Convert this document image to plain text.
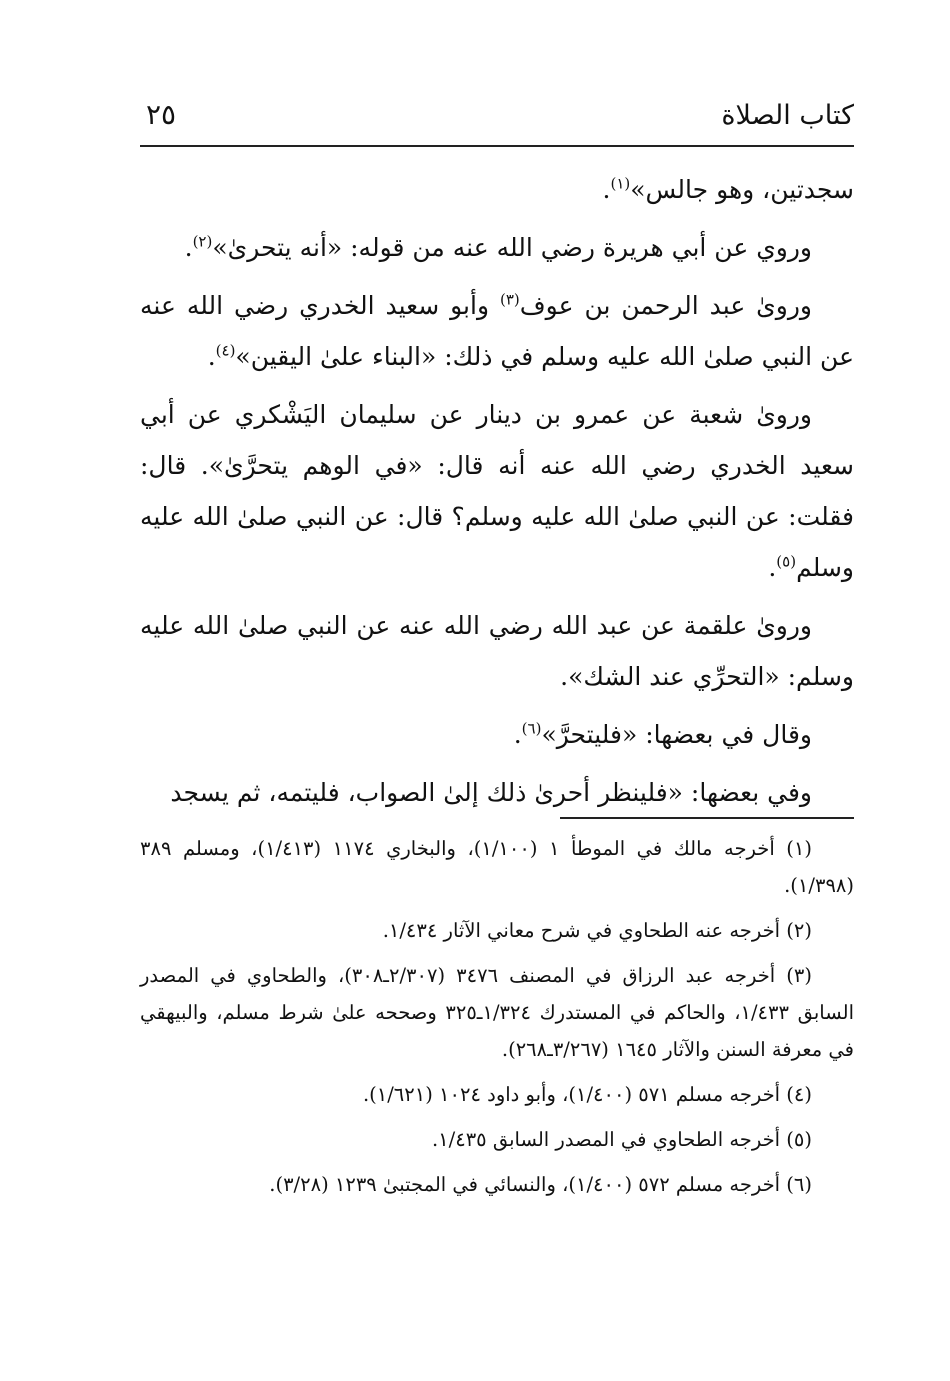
كتاب الصلاة
٢٥

سجدتين، وهو جالس»$^{(١)}$.

وروي عن أبي هريرة رضي الله عنه من قوله: «أنه يتحرىٰ»$^{(٢)}$.

ورویٰ عبد الرحمن بن عوف$^{(٣)}$ وأبو سعيد الخدري رضي الله عنه عن النبي صلىٰ الله عليه وسلم في ذلك: «البناء علىٰ اليقين»$^{(٤)}$.

ورویٰ شعبة عن عمرو بن دينار عن سليمان اليَشْكري عن أبي سعيد الخدري رضي الله عنه أنه قال: «في الوهم يتحرَّىٰ». قال: فقلت: عن النبي صلىٰ الله عليه وسلم؟ قال: عن النبي صلىٰ الله عليه وسلم$^{(٥)}$.

ورویٰ علقمة عن عبد الله رضي الله عنه عن النبي صلىٰ الله عليه وسلم: «التحرِّي عند الشك».

وقال في بعضها: «فليتحرَّ»$^{(٦)}$.

وفي بعضها: «فلينظر أحرىٰ ذلك إلىٰ الصواب، فليتمه، ثم يسجد

(١) أخرجه مالك في الموطأ ١ (١/١٠٠)، والبخاري ١١٧٤ (١/٤١٣)، ومسلم ٣٨٩ (١/٣٩٨).

(٢) أخرجه عنه الطحاوي في شرح معاني الآثار ١/٤٣٤.

(٣) أخرجه عبد الرزاق في المصنف ٣٤٧٦ (٢/٣٠٧ـ٣٠٨)، والطحاوي في المصدر السابق ١/٤٣٣، والحاكم في المستدرك ١/٣٢٤ـ٣٢٥ وصححه علىٰ شرط مسلم، والبيهقي في معرفة السنن والآثار ١٦٤٥ (٣/٢٦٧ـ٢٦٨).

(٤) أخرجه مسلم ٥٧١ (١/٤٠٠)، وأبو داود ١٠٢٤ (١/٦٢١).

(٥) أخرجه الطحاوي في المصدر السابق ١/٤٣٥.

(٦) أخرجه مسلم ٥٧٢ (١/٤٠٠)، والنسائي في المجتبىٰ ١٢٣٩ (٣/٢٨).
